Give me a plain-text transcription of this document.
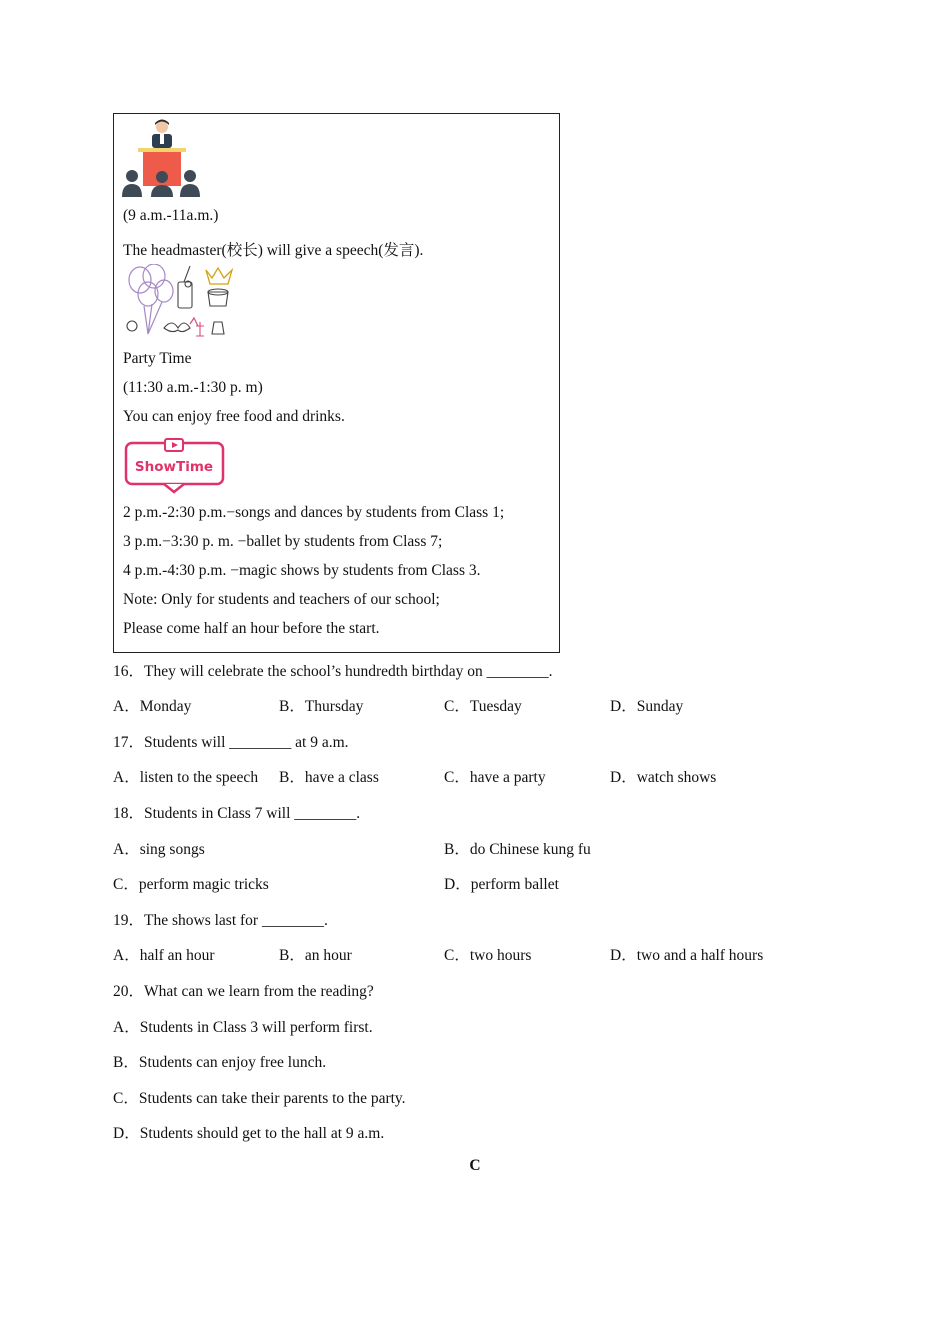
(9 a.m.-11a.m.)
The headmaster(校长) will give a speech(发言).
Party Time
(11:30 a.m.-1:30 p. m)
You can enjoy free food and drinks.
ShowTime
2 p.m.-2:30 p.m.−songs and dances by students from Class 1;
3 p.m.−3:30 p. m. −ballet by students from Class 7;
4 p.m.-4:30 p.m. −magic shows by students from Class 3.
Note: Only for students and teachers of our school;
Please come half an hour before the start.
16．They will celebrate the school’s hundredth birthday on ________.
A．Monday	B．Thursday	C．Tuesday	D．Sunday
17．Students will ________ at 9 a.m.
A．listen to the speech B．have a class	C．have a party	D．watch shows
18．Students in Class 7 will ________.
A．sing songs	B．do Chinese kung fu
C．perform magic tricks	D．perform ballet
19．The shows last for ________.
A．half an hour	B．an hour	C．two hours	D．two and a half hours
20．What can we learn from the reading?
A．Students in Class 3 will perform first.
B．Students can enjoy free lunch.
C．Students can take their parents to the party.
D．Students should get to the hall at 9 a.m.
C
